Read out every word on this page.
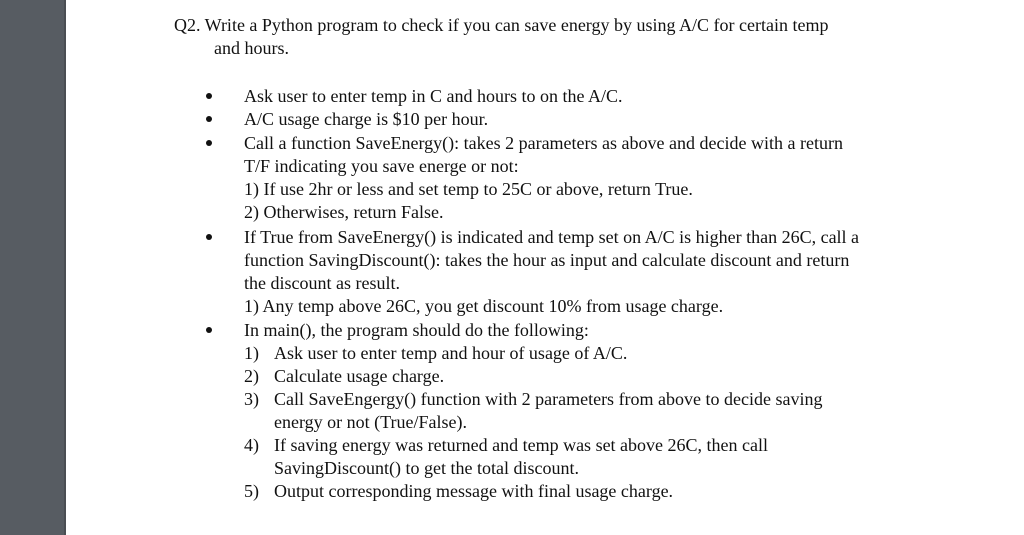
Q2. Write a Python program to check if you can save energy by using A/C for certain temp
and hours.
Ask user to enter temp in C and hours to on the A/C.
A/C usage charge is $10 per hour.
Call a function SaveEnergy(): takes 2 parameters as above and decide with a return
T/F indicating you save energe or not:
1) If use 2hr or less and set temp to 25C or above, return True.
2) Otherwises, return False.
If True from SaveEnergy() is indicated and temp set on A/C is higher than 26C, call a
function SavingDiscount(): takes the hour as input and calculate discount and return
the discount as result.
1) Any temp above 26C, you get discount 10% from usage charge.
In main(), the program should do the following:
1) Ask user to enter temp and hour of usage of A/C.
2) Calculate usage charge.
3) Call SaveEngergy() function with 2 parameters from above to decide saving
energy or not (True/False).
4) If saving energy was returned and temp was set above 26C, then call
SavingDiscount() to get the total discount.
5) Output corresponding message with final usage charge.
